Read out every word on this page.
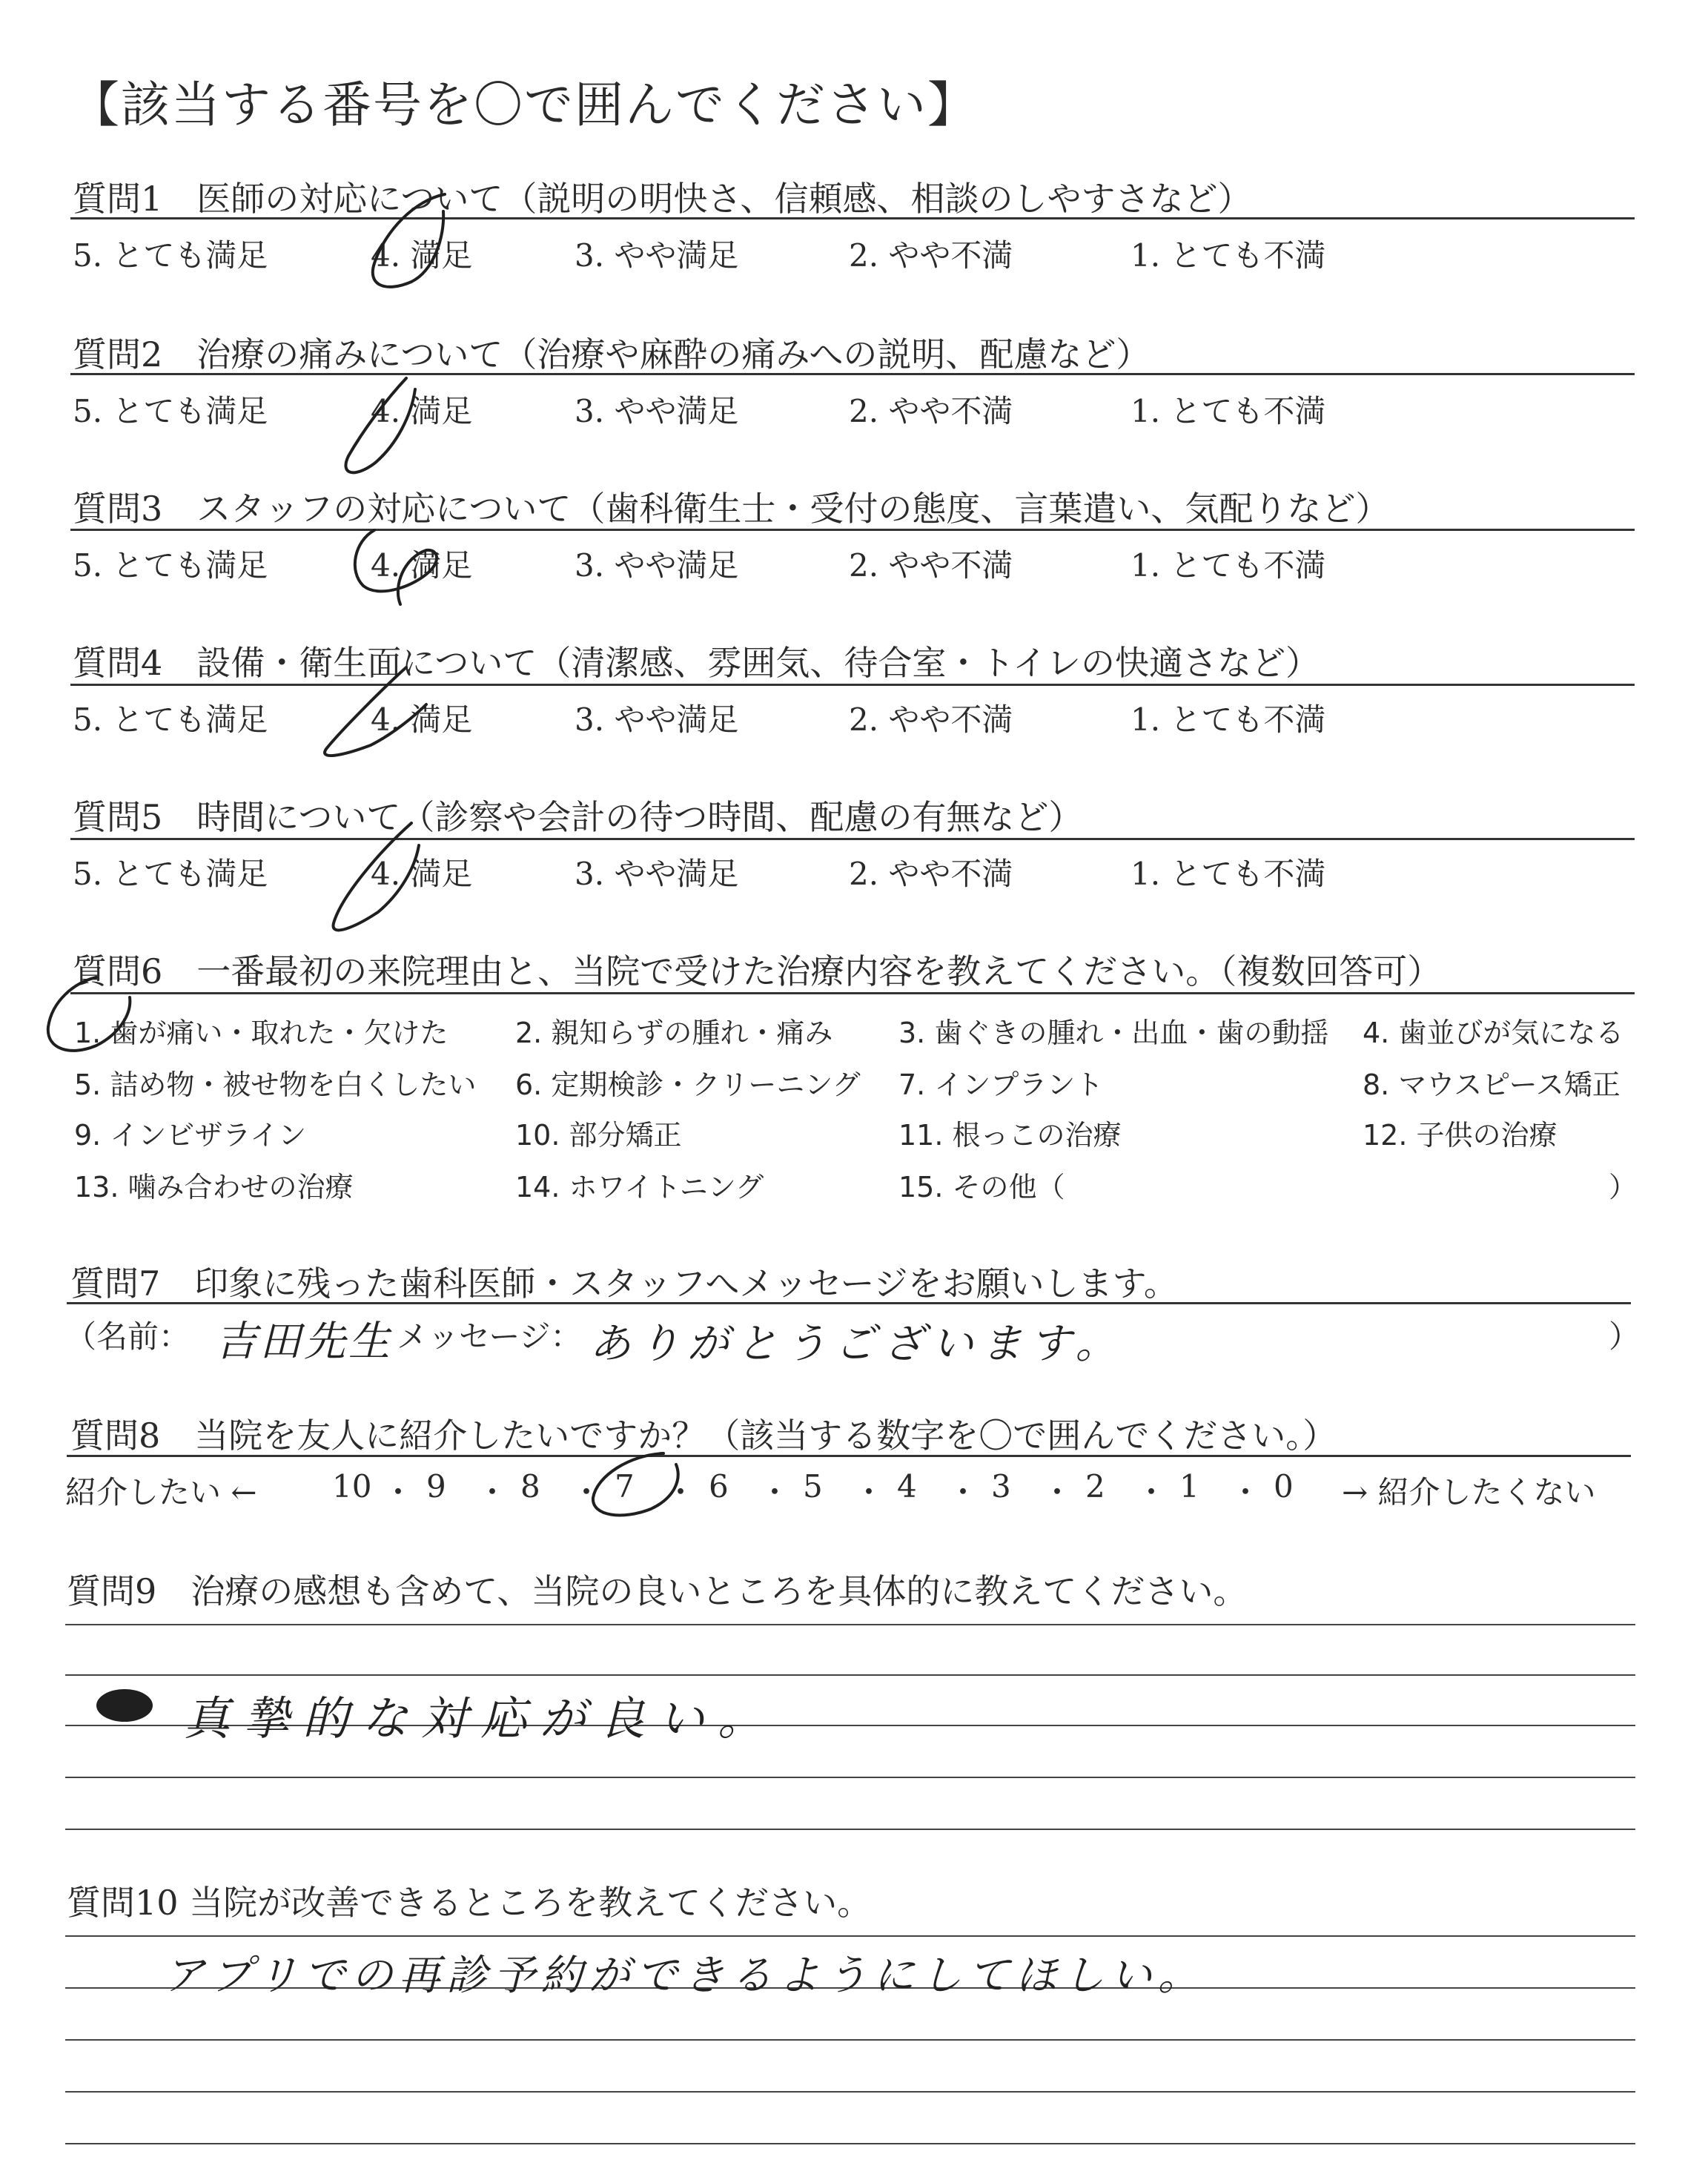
【該当する番号を〇で囲んでください】
質問1　医師の対応について（説明の明快さ、信頼感、相談のしやすさなど）
5. とても満足	4. 満足	3. やや満足	2. やや不満	1. とても不満
質問2　治療の痛みについて（治療や麻酔の痛みへの説明、配慮など）
5. とても満足	4. 満足	3. やや満足	2. やや不満	1. とても不満
質問3　スタッフの対応について（歯科衛生士・受付の態度、言葉遣い、気配りなど）
5. とても満足	4. 満足	3. やや満足	2. やや不満	1. とても不満
質問4　設備・衛生面について（清潔感、雰囲気、待合室・トイレの快適さなど）
5. とても満足	4. 満足	3. やや満足	2. やや不満	1. とても不満
質問5　時間について（診察や会計の待つ時間、配慮の有無など）
5. とても満足	4. 満足	3. やや満足	2. やや不満	1. とても不満
質問6　一番最初の来院理由と、当院で受けた治療内容を教えてください。（複数回答可）
1. 歯が痛い・取れた・欠けた 2. 親知らずの腫れ・痛み 3. 歯ぐきの腫れ・出血・歯の動揺 4. 歯並びが気になる
5. 詰め物・被せ物を白くしたい 6. 定期検診・クリーニング 7. インプラント	8. マウスピース矯正
9. インビザライン	10. 部分矯正	11. 根っこの治療	12. 子供の治療
13. 噛み合わせの治療	14. ホワイトニング	15. その他（	）
質問7　印象に残った歯科医師・スタッフへメッセージをお願いします。
（名前： 吉田先生 メッセージ： ありがとうございます。	）
質問8　当院を友人に紹介したいですか？（該当する数字を〇で囲んでください。）
紹介したい ←	→ 紹介したくない
10 ・ 9 ・ 8 ・ 7 ・ 6 ・ 5 ・ 4 ・ 3 ・ 2 ・ 1 ・ 0
質問9　治療の感想も含めて、当院の良いところを具体的に教えてください。
真摯的な対応が良い。
質問10 当院が改善できるところを教えてください。
アプリでの再診予約ができるようにしてほしい。
